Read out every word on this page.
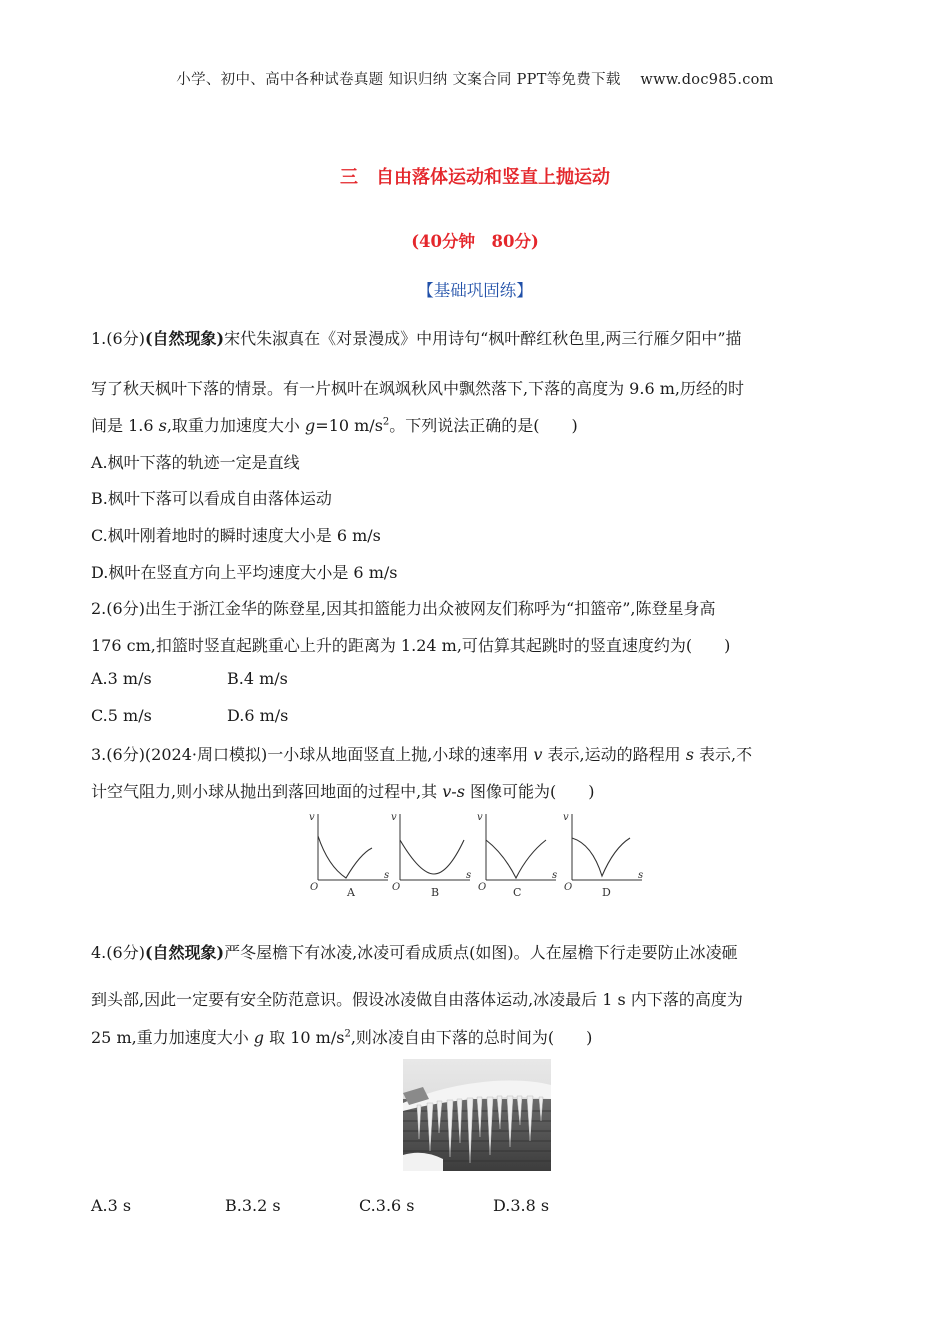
小学、初中、高中各种试卷真题 知识归纳 文案合同 PPT等免费下载　 www.doc985.com
三　自由落体运动和竖直上抛运动
(40分钟　80分)
【基础巩固练】
1.(6分)(自然现象)宋代朱淑真在《对景漫成》中用诗句“枫叶醉红秋色里,两三行雁夕阳中”描
写了秋天枫叶下落的情景。有一片枫叶在飒飒秋风中飘然落下,下落的高度为 9.6 m,历经的时
间是 1.6 s,取重力加速度大小 g=10 $m/s^2$。下列说法正确的是(　　)
A.枫叶下落的轨迹一定是直线
B.枫叶下落可以看成自由落体运动
C.枫叶刚着地时的瞬时速度大小是 6 m/s
D.枫叶在竖直方向上平均速度大小是 6 m/s
2.(6分)出生于浙江金华的陈登星,因其扣篮能力出众被网友们称呼为“扣篮帝”,陈登星身高
176 cm,扣篮时竖直起跳重心上升的距离为 1.24 m,可估算其起跳时的竖直速度约为(　　)
A.3 m/s	B.4 m/s
C.5 m/s	D.6 m/s
3.(6分)(2024·周口模拟)一小球从地面竖直上抛,小球的速率用 v 表示,运动的路程用 s 表示,不
计空气阻力,则小球从抛出到落回地面的过程中,其 v-s 图像可能为(　　)
v
O
s
A
v
O
s
B
v
O
s
C
v
O
s
D
4.(6分)(自然现象)严冬屋檐下有冰凌,冰凌可看成质点(如图)。人在屋檐下行走要防止冰凌砸
到头部,因此一定要有安全防范意识。假设冰凌做自由落体运动,冰凌最后 1 s 内下落的高度为
25 m,重力加速度大小 g 取 10 $m/s^2$,则冰凌自由下落的总时间为(　　)
A.3 s	B.3.2 s	C.3.6 s	D.3.8 s
